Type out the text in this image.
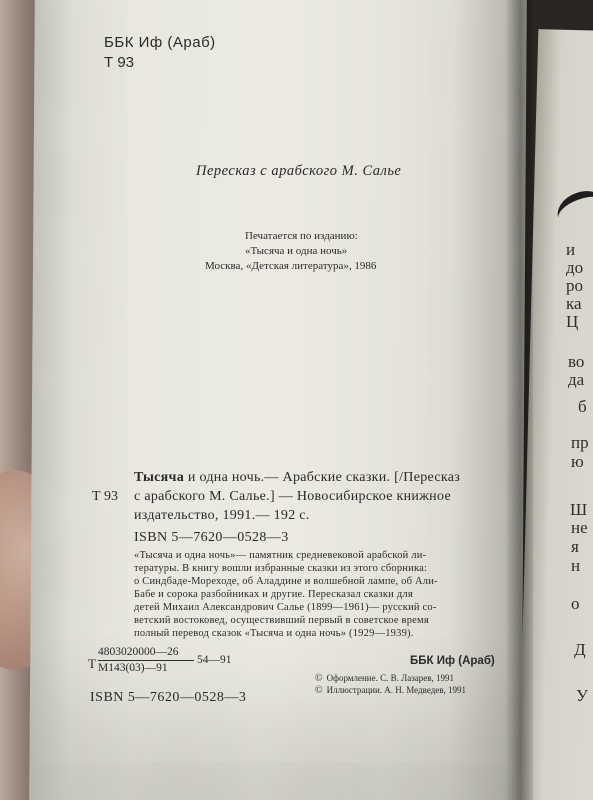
ББК Иф (Араб)

Т 93

Пересказ с арабского М. Салье

Печатается по изданию:

«Тысяча и одна ночь»

Москва, «Детская литература», 1986

Тысяча и одна ночь.— Арабские сказки. [/Пересказ

Т 93 с арабского М. Салье.] — Новосибирское книжное

издательство, 1991.— 192 с.

ISBN 5—7620—0528—3

«Тысяча и одна ночь»— памятник средневековой арабской ли-

тературы. В книгу вошли избранные сказки из этого сборника:

о Синдбаде-Мореходе, об Аладдине и волшебной лампе, об Али-

Бабе и сорока разбойниках и другие. Пересказал сказки для

детей Михаил Александрович Салье (1899—1961)— русский со-

ветский востоковед, осуществивший первый в советское время

полный перевод сказок «Тысяча и одна ночь» (1929—1939).

Т

4803020000—26

М143(03)—91

54—91	ББК Иф (Араб)

ISBN 5—7620—0528—3

© Оформление. С. В. Лазарев, 1991

© Иллюстрации. А. Н. Медведев, 1991

и
до
ро
ка
Ц
во
да
б
пр
ю
Ш
не
я
н
о
Д
У
